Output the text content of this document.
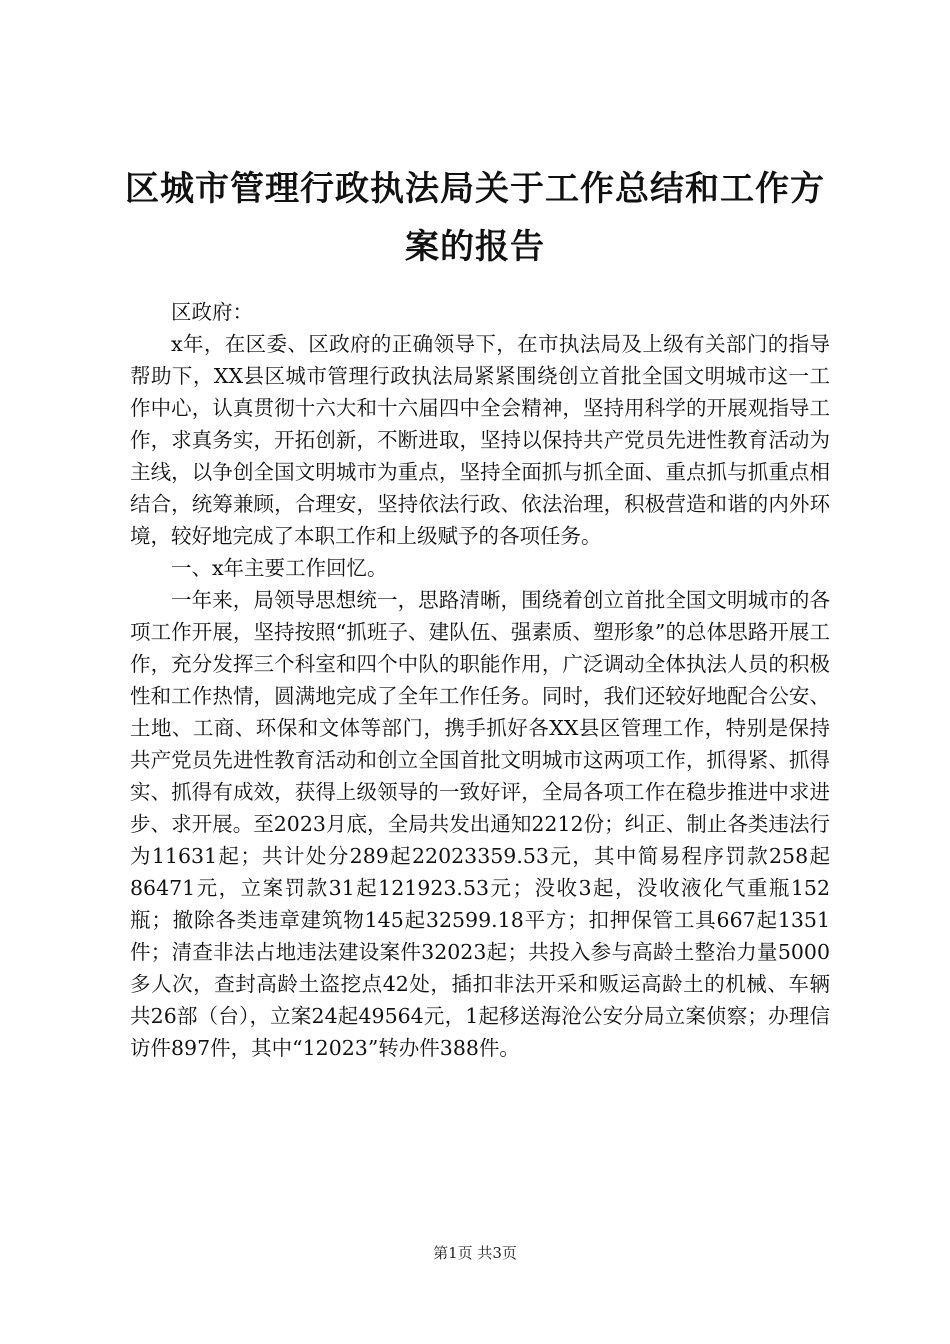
区城市管理行政执法局关于工作总结和工作方案的报告

区政府：

x年，在区委、区政府的正确领导下，在市执法局及上级有关部门的指导帮助下，XX县区城市管理行政执法局紧紧围绕创立首批全国文明城市这一工作中心，认真贯彻十六大和十六届四中全会精神，坚持用科学的开展观指导工作，求真务实，开拓创新，不断进取，坚持以保持共产党员先进性教育活动为主线，以争创全国文明城市为重点，坚持全面抓与抓全面、重点抓与抓重点相结合，统筹兼顾，合理安，坚持依法行政、依法治理，积极营造和谐的内外环境，较好地完成了本职工作和上级赋予的各项任务。

一、x年主要工作回忆。

一年来，局领导思想统一，思路清晰，围绕着创立首批全国文明城市的各项工作开展，坚持按照“抓班子、建队伍、强素质、塑形象”的总体思路开展工作，充分发挥三个科室和四个中队的职能作用，广泛调动全体执法人员的积极性和工作热情，圆满地完成了全年工作任务。同时，我们还较好地配合公安、土地、工商、环保和文体等部门，携手抓好各XX县区管理工作，特别是保持共产党员先进性教育活动和创立全国首批文明城市这两项工作，抓得紧、抓得实、抓得有成效，获得上级领导的一致好评，全局各项工作在稳步推进中求进步、求开展。至2023月底，全局共发出通知2212份；纠正、制止各类违法行为11631起；共计处分289起22023359.53元，其中简易程序罚款258起86471元，立案罚款31起121923.53元；没收3起，没收液化气重瓶152瓶；撤除各类违章建筑物145起32599.18平方；扣押保管工具667起1351件；清查非法占地违法建设案件32023起；共投入参与高龄土整治力量5000多人次，查封高龄土盗挖点42处，插扣非法开采和贩运高龄土的机械、车辆共26部（台），立案24起49564元，1起移送海沧公安分局立案侦察；办理信访件897件，其中“12023”转办件388件。

第1页 共3页
